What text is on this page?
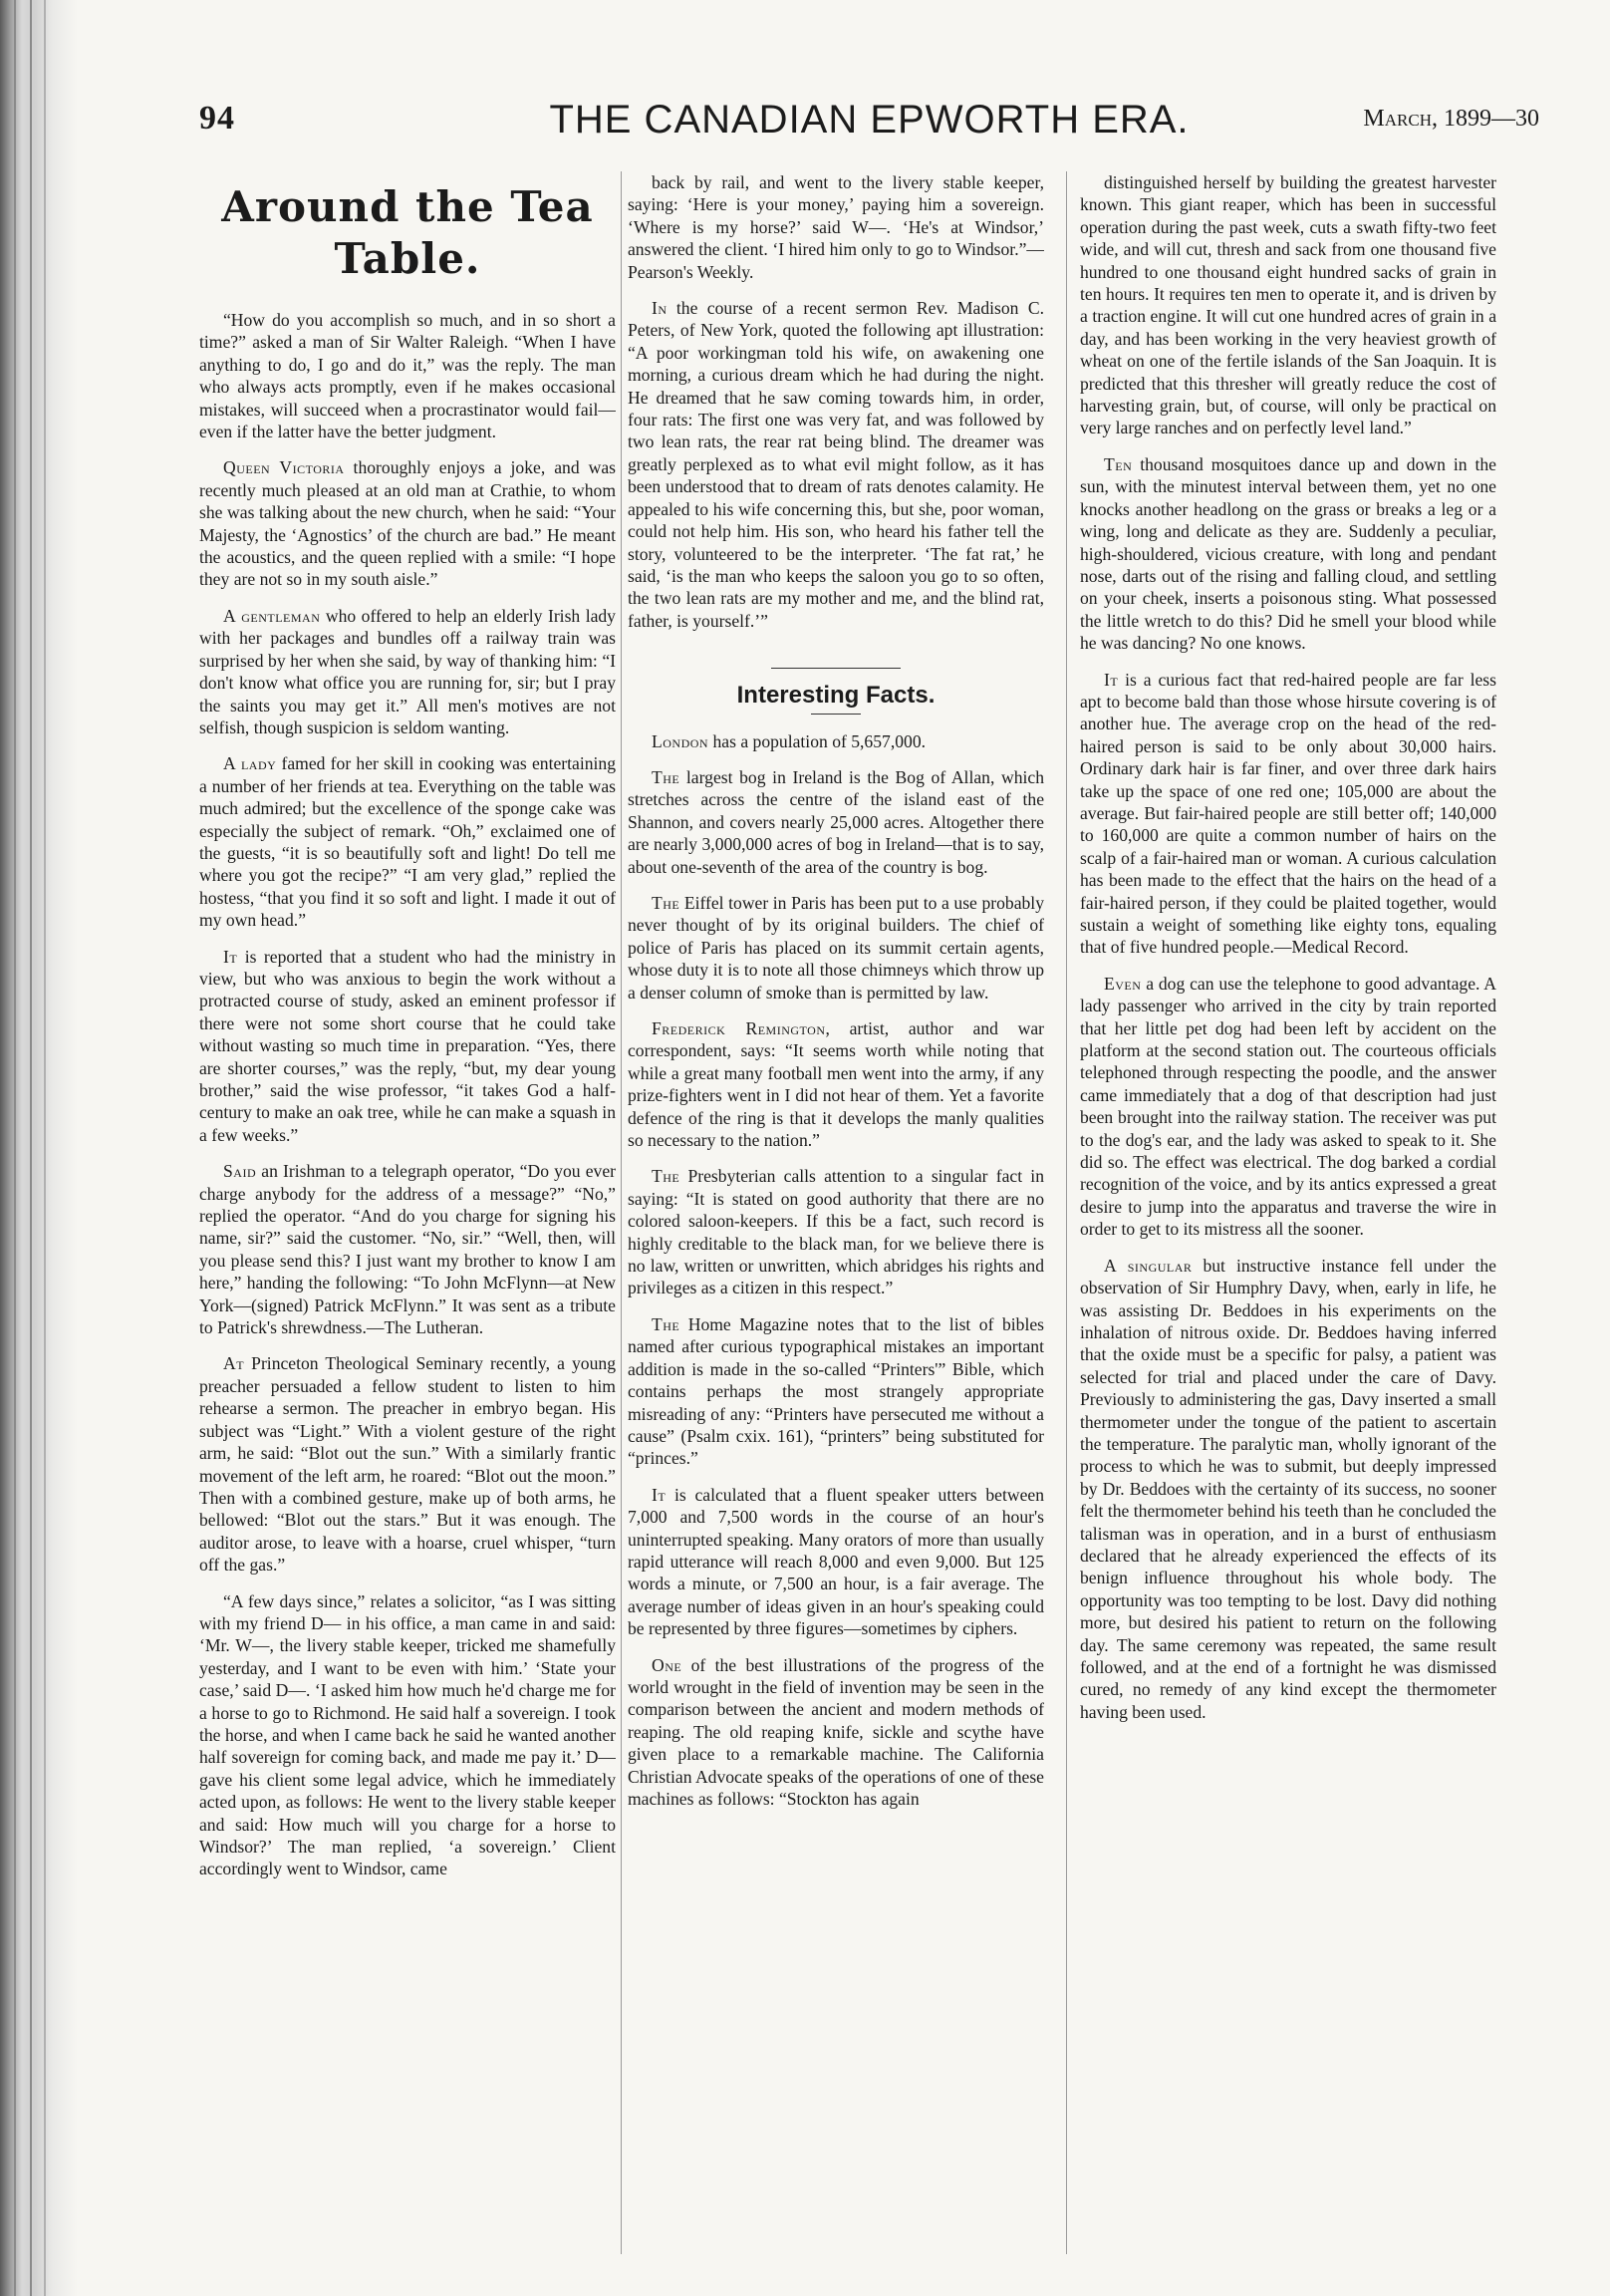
94	THE CANADIAN EPWORTH ERA.	March, 1899—30
Around the Tea Table.

“How do you accomplish so much, and in so short a time?” asked a man of Sir Walter Raleigh. “When I have anything to do, I go and do it,” was the reply. The man who always acts promptly, even if he makes occasional mistakes, will succeed when a procrastinator would fail—even if the latter have the better judgment.

Queen Victoria thoroughly enjoys a joke, and was recently much pleased at an old man at Crathie, to whom she was talking about the new church, when he said: “Your Majesty, the ‘Agnostics’ of the church are bad.” He meant the acoustics, and the queen replied with a smile: “I hope they are not so in my south aisle.”

A gentleman who offered to help an elderly Irish lady with her packages and bundles off a railway train was surprised by her when she said, by way of thanking him: “I don't know what office you are running for, sir; but I pray the saints you may get it.” All men's motives are not selfish, though suspicion is seldom wanting.

A lady famed for her skill in cooking was entertaining a number of her friends at tea. Everything on the table was much admired; but the excellence of the sponge cake was especially the subject of remark. “Oh,” exclaimed one of the guests, “it is so beautifully soft and light! Do tell me where you got the recipe?” “I am very glad,” replied the hostess, “that you find it so soft and light. I made it out of my own head.”

It is reported that a student who had the ministry in view, but who was anxious to begin the work without a protracted course of study, asked an eminent professor if there were not some short course that he could take without wasting so much time in preparation. “Yes, there are shorter courses,” was the reply, “but, my dear young brother,” said the wise professor, “it takes God a half-century to make an oak tree, while he can make a squash in a few weeks.”

Said an Irishman to a telegraph operator, “Do you ever charge anybody for the address of a message?” “No,” replied the operator. “And do you charge for signing his name, sir?” said the customer. “No, sir.” “Well, then, will you please send this? I just want my brother to know I am here,” handing the following: “To John McFlynn—at New York—(signed) Patrick McFlynn.” It was sent as a tribute to Patrick's shrewdness.—The Lutheran.

At Princeton Theological Seminary recently, a young preacher persuaded a fellow student to listen to him rehearse a sermon. The preacher in embryo began. His subject was “Light.” With a violent gesture of the right arm, he said: “Blot out the sun.” With a similarly frantic movement of the left arm, he roared: “Blot out the moon.” Then with a combined gesture, make up of both arms, he bellowed: “Blot out the stars.” But it was enough. The auditor arose, to leave with a hoarse, cruel whisper, “turn off the gas.”

“A few days since,” relates a solicitor, “as I was sitting with my friend D— in his office, a man came in and said: ‘Mr. W—, the livery stable keeper, tricked me shamefully yesterday, and I want to be even with him.’ ‘State your case,’ said D—. ‘I asked him how much he'd charge me for a horse to go to Richmond. He said half a sovereign. I took the horse, and when I came back he said he wanted another half sovereign for coming back, and made me pay it.’ D— gave his client some legal advice, which he immediately acted upon, as follows: He went to the livery stable keeper and said: How much will you charge for a horse to Windsor?’ The man replied, ‘a sovereign.’ Client accordingly went to Windsor, came

back by rail, and went to the livery stable keeper, saying: ‘Here is your money,’ paying him a sovereign. ‘Where is my horse?’ said W—. ‘He's at Windsor,’ answered the client. ‘I hired him only to go to Windsor.”—Pearson's Weekly.

In the course of a recent sermon Rev. Madison C. Peters, of New York, quoted the following apt illustration: “A poor workingman told his wife, on awakening one morning, a curious dream which he had during the night. He dreamed that he saw coming towards him, in order, four rats: The first one was very fat, and was followed by two lean rats, the rear rat being blind. The dreamer was greatly perplexed as to what evil might follow, as it has been understood that to dream of rats denotes calamity. He appealed to his wife concerning this, but she, poor woman, could not help him. His son, who heard his father tell the story, volunteered to be the interpreter. ‘The fat rat,’ he said, ‘is the man who keeps the saloon you go to so often, the two lean rats are my mother and me, and the blind rat, father, is yourself.’”

Interesting Facts.

London has a population of 5,657,000.

The largest bog in Ireland is the Bog of Allan, which stretches across the centre of the island east of the Shannon, and covers nearly 25,000 acres. Altogether there are nearly 3,000,000 acres of bog in Ireland—that is to say, about one-seventh of the area of the country is bog.

The Eiffel tower in Paris has been put to a use probably never thought of by its original builders. The chief of police of Paris has placed on its summit certain agents, whose duty it is to note all those chimneys which throw up a denser column of smoke than is permitted by law.

Frederick Remington, artist, author and war correspondent, says: “It seems worth while noting that while a great many football men went into the army, if any prize-fighters went in I did not hear of them. Yet a favorite defence of the ring is that it develops the manly qualities so necessary to the nation.”

The Presbyterian calls attention to a singular fact in saying: “It is stated on good authority that there are no colored saloon-keepers. If this be a fact, such record is highly creditable to the black man, for we believe there is no law, written or unwritten, which abridges his rights and privileges as a citizen in this respect.”

The Home Magazine notes that to the list of bibles named after curious typographical mistakes an important addition is made in the so-called “Printers'” Bible, which contains perhaps the most strangely appropriate misreading of any: “Printers have persecuted me without a cause” (Psalm cxix. 161), “printers” being substituted for “princes.”

It is calculated that a fluent speaker utters between 7,000 and 7,500 words in the course of an hour's uninterrupted speaking. Many orators of more than usually rapid utterance will reach 8,000 and even 9,000. But 125 words a minute, or 7,500 an hour, is a fair average. The average number of ideas given in an hour's speaking could be represented by three figures—sometimes by ciphers.

One of the best illustrations of the progress of the world wrought in the field of invention may be seen in the comparison between the ancient and modern methods of reaping. The old reaping knife, sickle and scythe have given place to a remarkable machine. The California Christian Advocate speaks of the operations of one of these machines as follows: “Stockton has again

distinguished herself by building the greatest harvester known. This giant reaper, which has been in successful operation during the past week, cuts a swath fifty-two feet wide, and will cut, thresh and sack from one thousand five hundred to one thousand eight hundred sacks of grain in ten hours. It requires ten men to operate it, and is driven by a traction engine. It will cut one hundred acres of grain in a day, and has been working in the very heaviest growth of wheat on one of the fertile islands of the San Joaquin. It is predicted that this thresher will greatly reduce the cost of harvesting grain, but, of course, will only be practical on very large ranches and on perfectly level land.”

Ten thousand mosquitoes dance up and down in the sun, with the minutest interval between them, yet no one knocks another headlong on the grass or breaks a leg or a wing, long and delicate as they are. Suddenly a peculiar, high-shouldered, vicious creature, with long and pendant nose, darts out of the rising and falling cloud, and settling on your cheek, inserts a poisonous sting. What possessed the little wretch to do this? Did he smell your blood while he was dancing? No one knows.

It is a curious fact that red-haired people are far less apt to become bald than those whose hirsute covering is of another hue. The average crop on the head of the red-haired person is said to be only about 30,000 hairs. Ordinary dark hair is far finer, and over three dark hairs take up the space of one red one; 105,000 are about the average. But fair-haired people are still better off; 140,000 to 160,000 are quite a common number of hairs on the scalp of a fair-haired man or woman. A curious calculation has been made to the effect that the hairs on the head of a fair-haired person, if they could be plaited together, would sustain a weight of something like eighty tons, equaling that of five hundred people.—Medical Record.

Even a dog can use the telephone to good advantage. A lady passenger who arrived in the city by train reported that her little pet dog had been left by accident on the platform at the second station out. The courteous officials telephoned through respecting the poodle, and the answer came immediately that a dog of that description had just been brought into the railway station. The receiver was put to the dog's ear, and the lady was asked to speak to it. She did so. The effect was electrical. The dog barked a cordial recognition of the voice, and by its antics expressed a great desire to jump into the apparatus and traverse the wire in order to get to its mistress all the sooner.

A singular but instructive instance fell under the observation of Sir Humphry Davy, when, early in life, he was assisting Dr. Beddoes in his experiments on the inhalation of nitrous oxide. Dr. Beddoes having inferred that the oxide must be a specific for palsy, a patient was selected for trial and placed under the care of Davy. Previously to administering the gas, Davy inserted a small thermometer under the tongue of the patient to ascertain the temperature. The paralytic man, wholly ignorant of the process to which he was to submit, but deeply impressed by Dr. Beddoes with the certainty of its success, no sooner felt the thermometer behind his teeth than he concluded the talisman was in operation, and in a burst of enthusiasm declared that he already experienced the effects of its benign influence throughout his whole body. The opportunity was too tempting to be lost. Davy did nothing more, but desired his patient to return on the following day. The same ceremony was repeated, the same result followed, and at the end of a fortnight he was dismissed cured, no remedy of any kind except the thermometer having been used.
